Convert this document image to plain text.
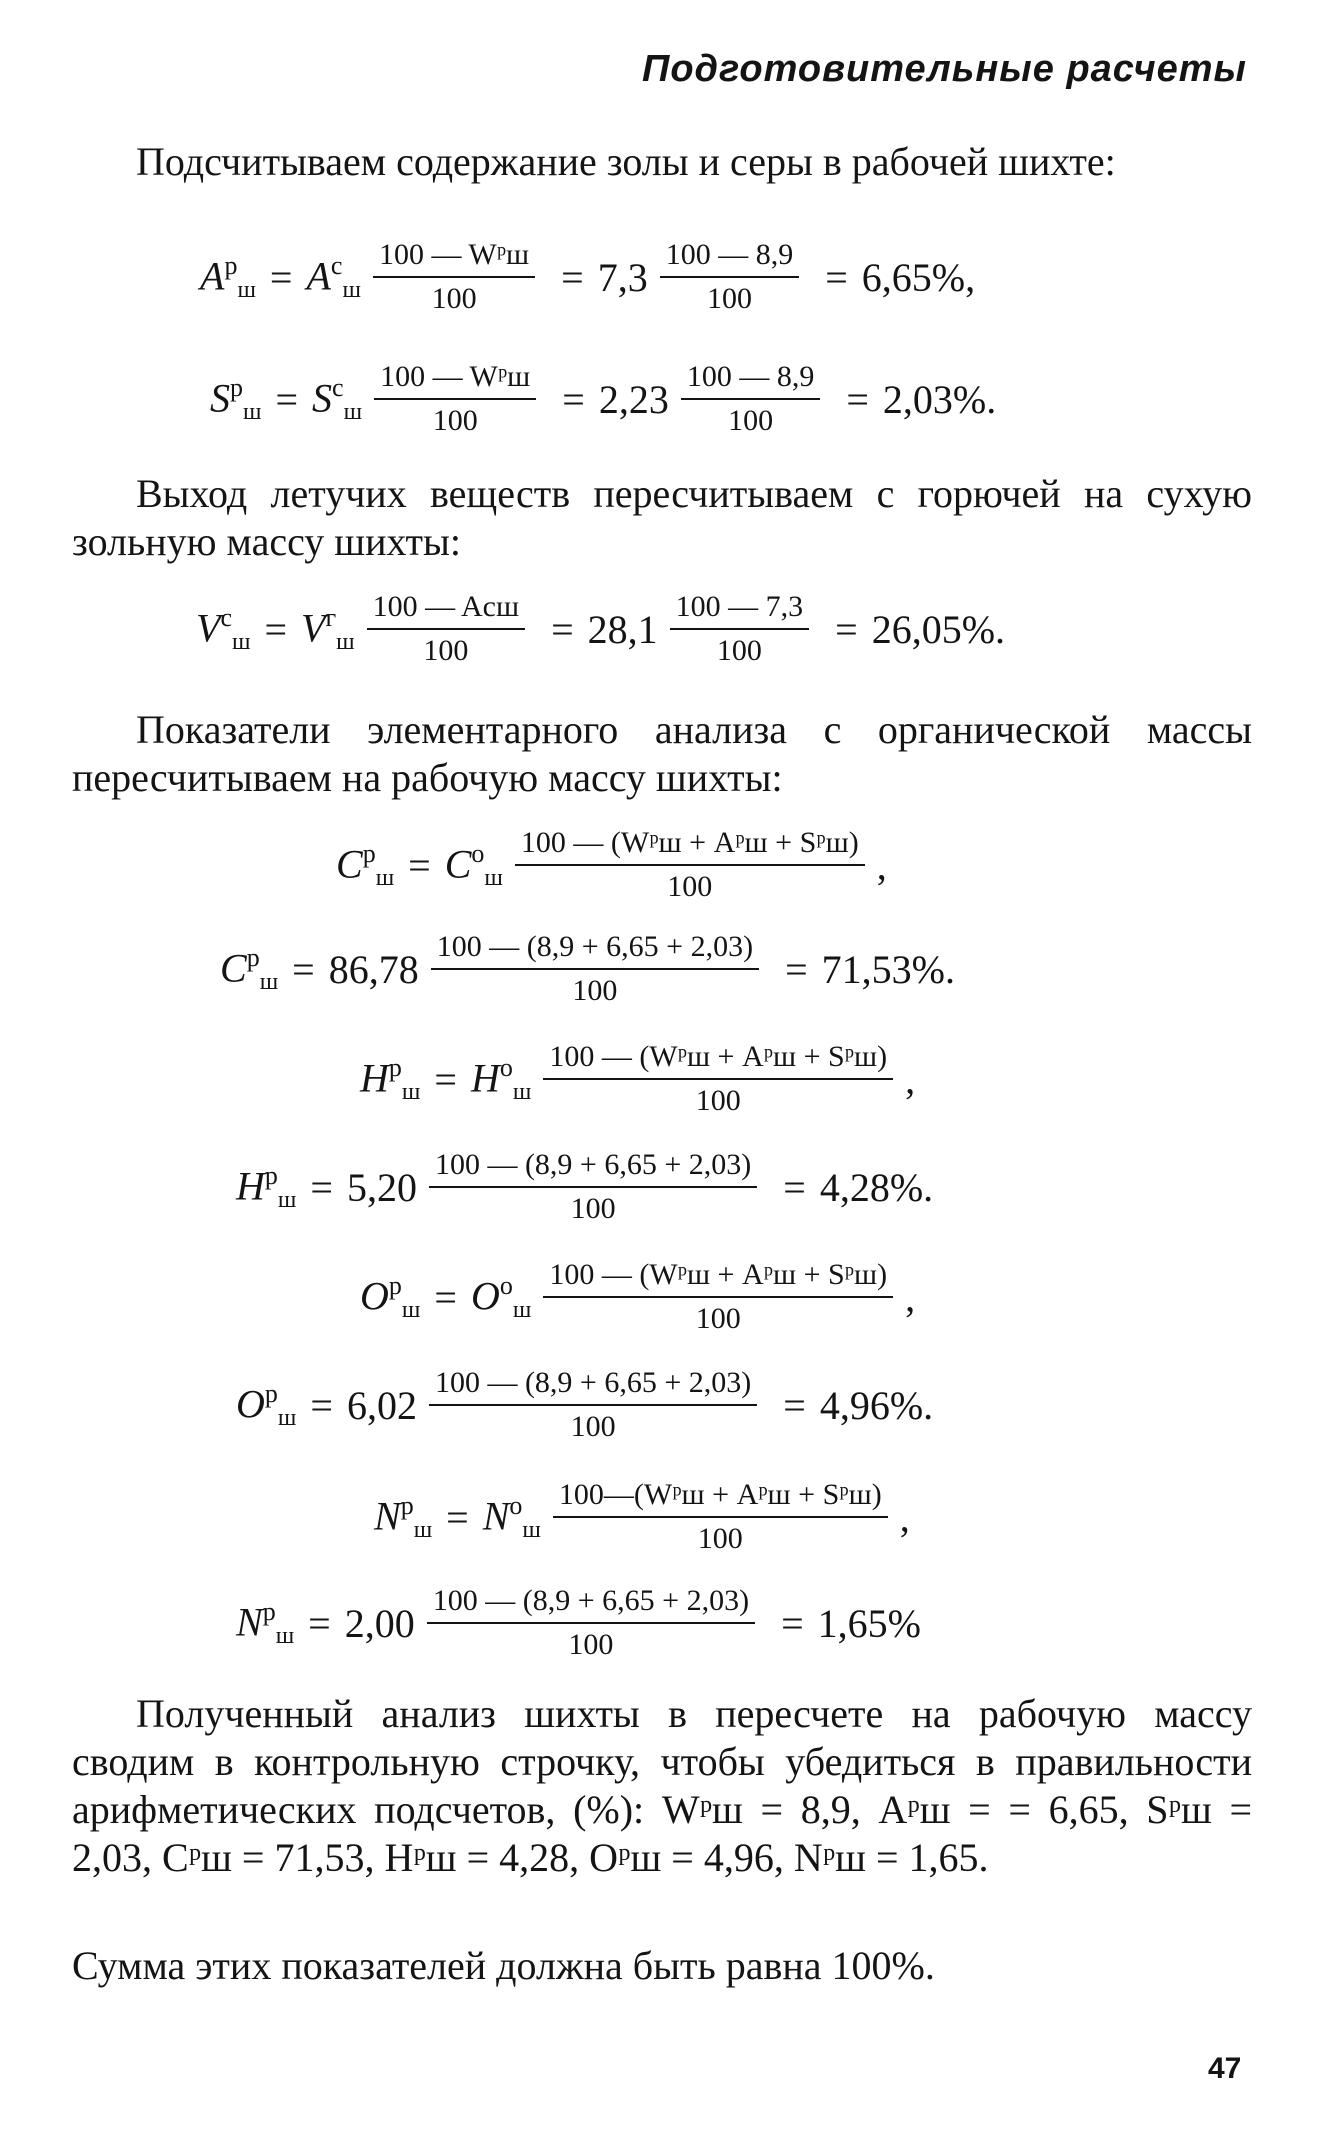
Подготовительные расчеты

Подсчитываем содержание золы и серы в рабочей шихте:

$A^р_ш = A^с_ш \frac{\text{100 — Wᵖш}}{100} = 7,3 \frac{100 — 8,9}{100} = 6,65\%$,
$S^р_ш = S^с_ш \frac{\text{100 — Wᵖш}}{100} = 2,23 \frac{100 — 8,9}{100} = 2,03\%$.

Выход летучих веществ пересчитываем с горючей на сухую зольную массу шихты:

$V^с_ш = V^г_ш \frac{\text{100 — Aсш}}{100} = 28,1 \frac{100 — 7,3}{100} = 26,05\%$.

Показатели элементарного анализа с органической массы пересчитываем на рабочую массу шихты:

$C^р_ш = C^о_ш \frac{\text{100 — (Wᵖш + Aᵖш + Sᵖш)}}{100}$ ,
$C^р_ш = 86,78 \frac{100 — (8,9 + 6,65 + 2,03)}{100} = 71,53\%$.
$H^р_ш = H^о_ш \frac{\text{100 — (Wᵖш + Aᵖш + Sᵖш)}}{100}$ ,
$H^р_ш = 5,20 \frac{100 — (8,9 + 6,65 + 2,03)}{100} = 4,28\%$.
$O^р_ш = O^о_ш \frac{\text{100 — (Wᵖш + Aᵖш + Sᵖш)}}{100}$ ,
$O^р_ш = 6,02 \frac{100 — (8,9 + 6,65 + 2,03)}{100} = 4,96\%$.
$N^р_ш = N^о_ш \frac{\text{100—(Wᵖш + Aᵖш + Sᵖш)}}{100}$ ,
$N^р_ш = 2,00 \frac{100 — (8,9 + 6,65 + 2,03)}{100} = 1,65\%$

Полученный анализ шихты в пересчете на рабочую массу сводим в контрольную строчку, чтобы убедиться в правильности арифметических подсчетов, (%): Wᵖш = 8,9, Aᵖш = = 6,65, Sᵖш = 2,03, Cᵖш = 71,53, Hᵖш = 4,28, Oᵖш = 4,96, Nᵖш = 1,65.

Сумма этих показателей должна быть равна 100%.

47
